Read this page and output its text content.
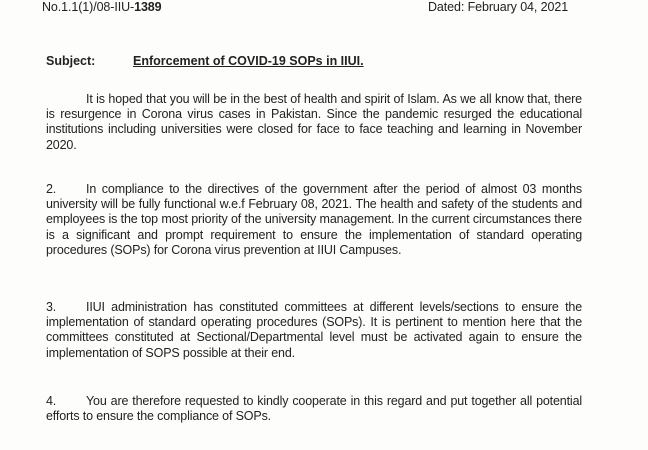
No.1.1(1)/08-IIU-1389	Dated: February 04, 2021
Subject:	Enforcement of COVID-19 SOPs in IIUI.
It is hoped that you will be in the best of health and spirit of Islam. As we all know that, there is resurgence in Corona virus cases in Pakistan. Since the pandemic resurged the educational institutions including universities were closed for face to face teaching and learning in November 2020.
2. In compliance to the directives of the government after the period of almost 03 months university will be fully functional w.e.f February 08, 2021. The health and safety of the students and employees is the top most priority of the university management. In the current circumstances there is a significant and prompt requirement to ensure the implementation of standard operating procedures (SOPs) for Corona virus prevention at IIUI Campuses.
3. IIUI administration has constituted committees at different levels/sections to ensure the implementation of standard operating procedures (SOPs). It is pertinent to mention here that the committees constituted at Sectional/Departmental level must be activated again to ensure the implementation of SOPS possible at their end.
4. You are therefore requested to kindly cooperate in this regard and put together all potential efforts to ensure the compliance of SOPs.
